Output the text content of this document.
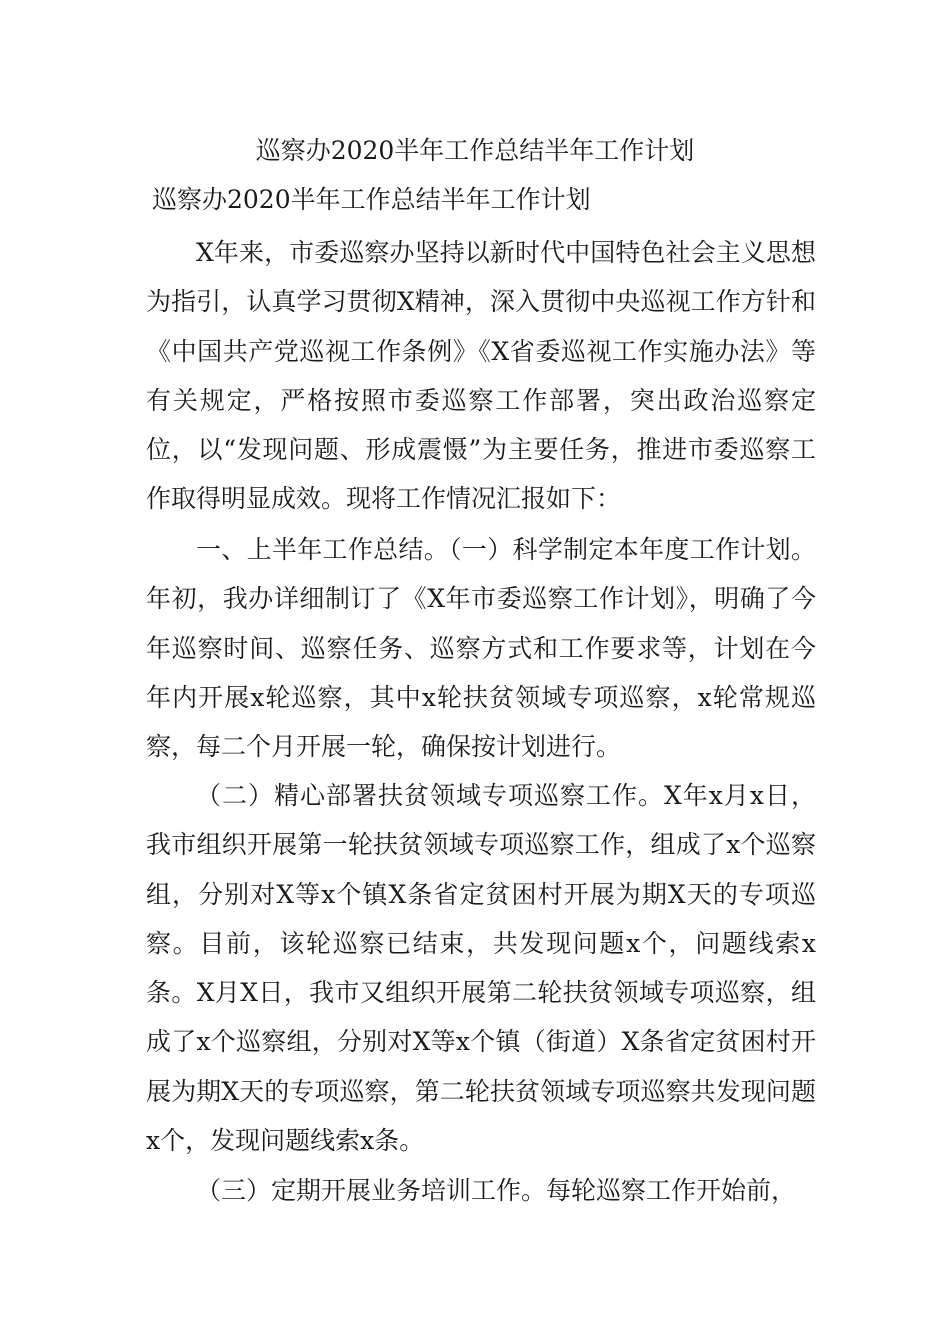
巡察办2020半年工作总结半年工作计划
巡察办2020半年工作总结半年工作计划

X年来，市委巡察办坚持以新时代中国特色社会主义思想为指引，认真学习贯彻X精神，深入贯彻中央巡视工作方针和《中国共产党巡视工作条例》《X省委巡视工作实施办法》等有关规定，严格按照市委巡察工作部署，突出政治巡察定位，以“发现问题、形成震慑”为主要任务，推进市委巡察工作取得明显成效。现将工作情况汇报如下：

一、上半年工作总结。（一）科学制定本年度工作计划。年初，我办详细制订了《X年市委巡察工作计划》，明确了今年巡察时间、巡察任务、巡察方式和工作要求等，计划在今年内开展x轮巡察，其中x轮扶贫领域专项巡察，x轮常规巡察，每二个月开展一轮，确保按计划进行。

（二）精心部署扶贫领域专项巡察工作。X年x月x日，我市组织开展第一轮扶贫领域专项巡察工作，组成了x个巡察组，分别对X等x个镇X条省定贫困村开展为期X天的专项巡察。目前，该轮巡察已结束，共发现问题x个，问题线索x条。X月X日，我市又组织开展第二轮扶贫领域专项巡察，组成了x个巡察组，分别对X等x个镇（街道）X条省定贫困村开展为期X天的专项巡察，第二轮扶贫领域专项巡察共发现问题x个，发现问题线索x条。

（三）定期开展业务培训工作。每轮巡察工作开始前，
